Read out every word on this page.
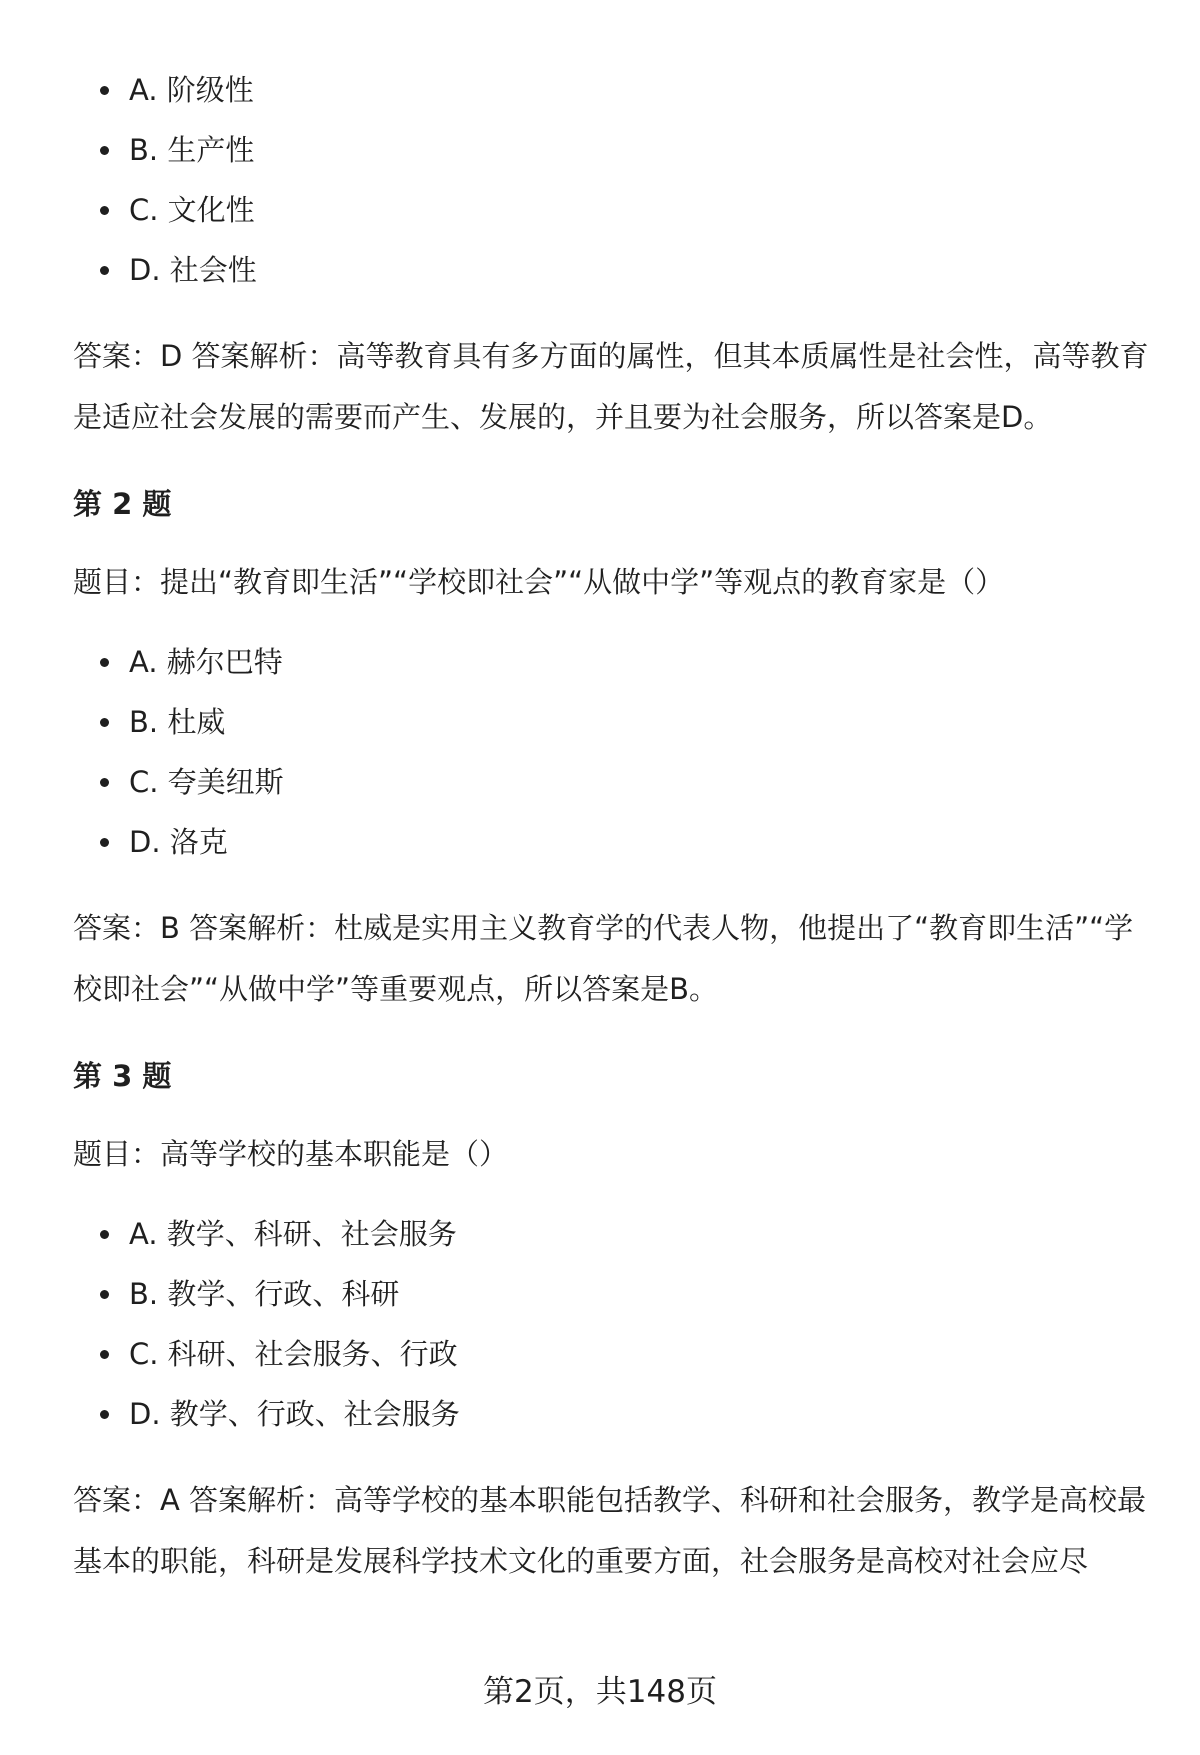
A. 阶级性
B. 生产性
C. 文化性
D. 社会性

答案：D 答案解析：高等教育具有多方面的属性，但其本质属性是社会性，高等教育是适应社会发展的需要而产生、发展的，并且要为社会服务，所以答案是D。

第 2 题

题目：提出“教育即生活”“学校即社会”“从做中学”等观点的教育家是（）

A. 赫尔巴特
B. 杜威
C. 夸美纽斯
D. 洛克

答案：B 答案解析：杜威是实用主义教育学的代表人物，他提出了“教育即生活”“学校即社会”“从做中学”等重要观点，所以答案是B。

第 3 题

题目：高等学校的基本职能是（）

A. 教学、科研、社会服务
B. 教学、行政、科研
C. 科研、社会服务、行政
D. 教学、行政、社会服务

答案：A 答案解析：高等学校的基本职能包括教学、科研和社会服务，教学是高校最基本的职能，科研是发展科学技术文化的重要方面，社会服务是高校对社会应尽

第2页，共148页
